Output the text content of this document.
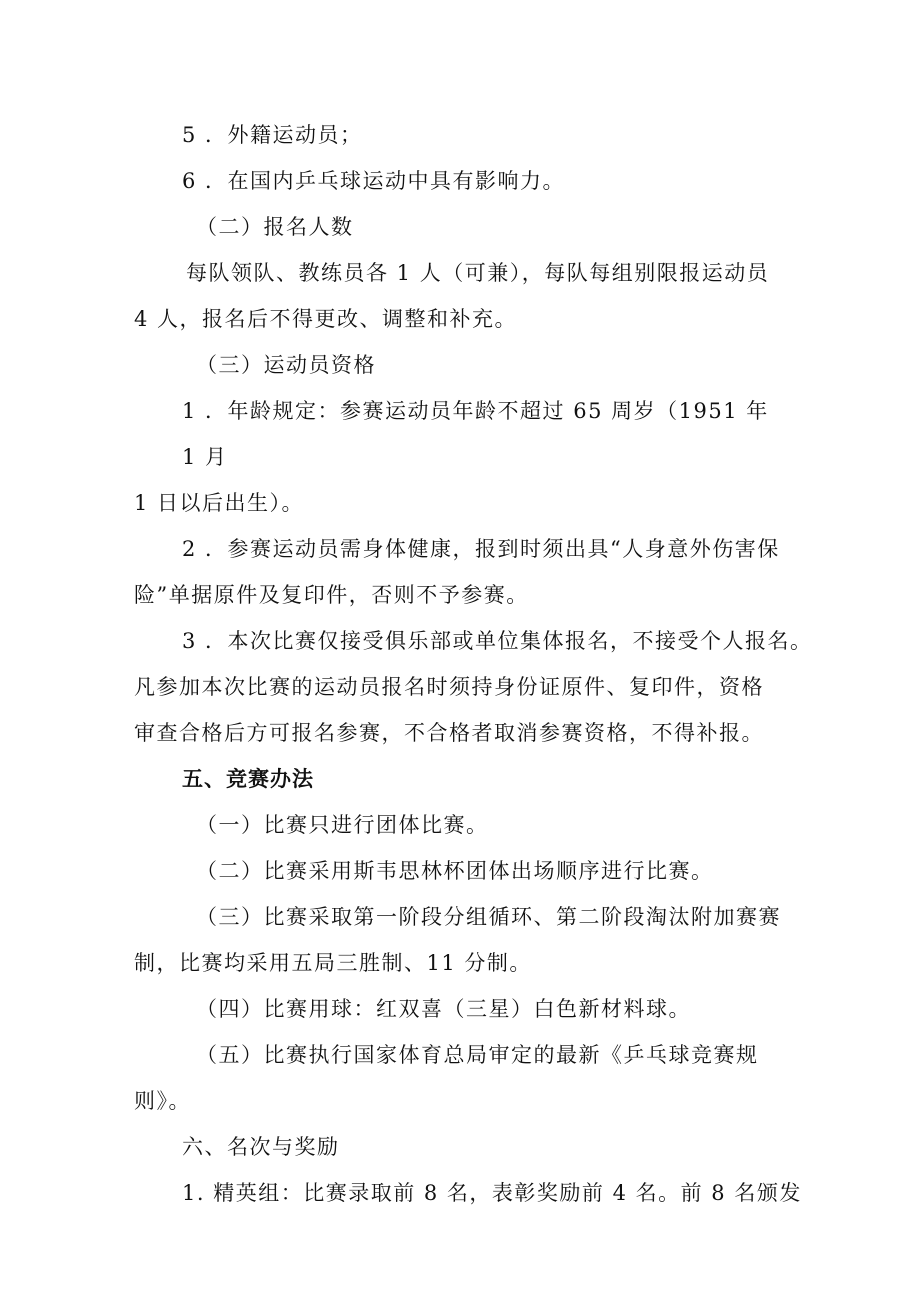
5 ．外籍运动员；
6 ．在国内乒乓球运动中具有影响力。
（二）报名人数
每队领队、教练员各 1 人（可兼），每队每组别限报运动员
4 人，报名后不得更改、调整和补充。
（三）运动员资格
1 ．年龄规定：参赛运动员年龄不超过 65 周岁（1951 年
1 月
1 日以后出生）。
2 ．参赛运动员需身体健康，报到时须出具“人身意外伤害保
险”单据原件及复印件，否则不予参赛。
3 ．本次比赛仅接受俱乐部或单位集体报名，不接受个人报名。
凡参加本次比赛的运动员报名时须持身份证原件、复印件，资格
审查合格后方可报名参赛，不合格者取消参赛资格，不得补报。
五、竞赛办法
（一）比赛只进行团体比赛。
（二）比赛采用斯韦思林杯团体出场顺序进行比赛。
（三）比赛采取第一阶段分组循环、第二阶段淘汰附加赛赛
制，比赛均采用五局三胜制、11 分制。
（四）比赛用球：红双喜（三星）白色新材料球。
（五）比赛执行国家体育总局审定的最新《乒乓球竞赛规
则》。
六、名次与奖励
1. 精英组：比赛录取前 8 名，表彰奖励前 4 名。前 8 名颁发
